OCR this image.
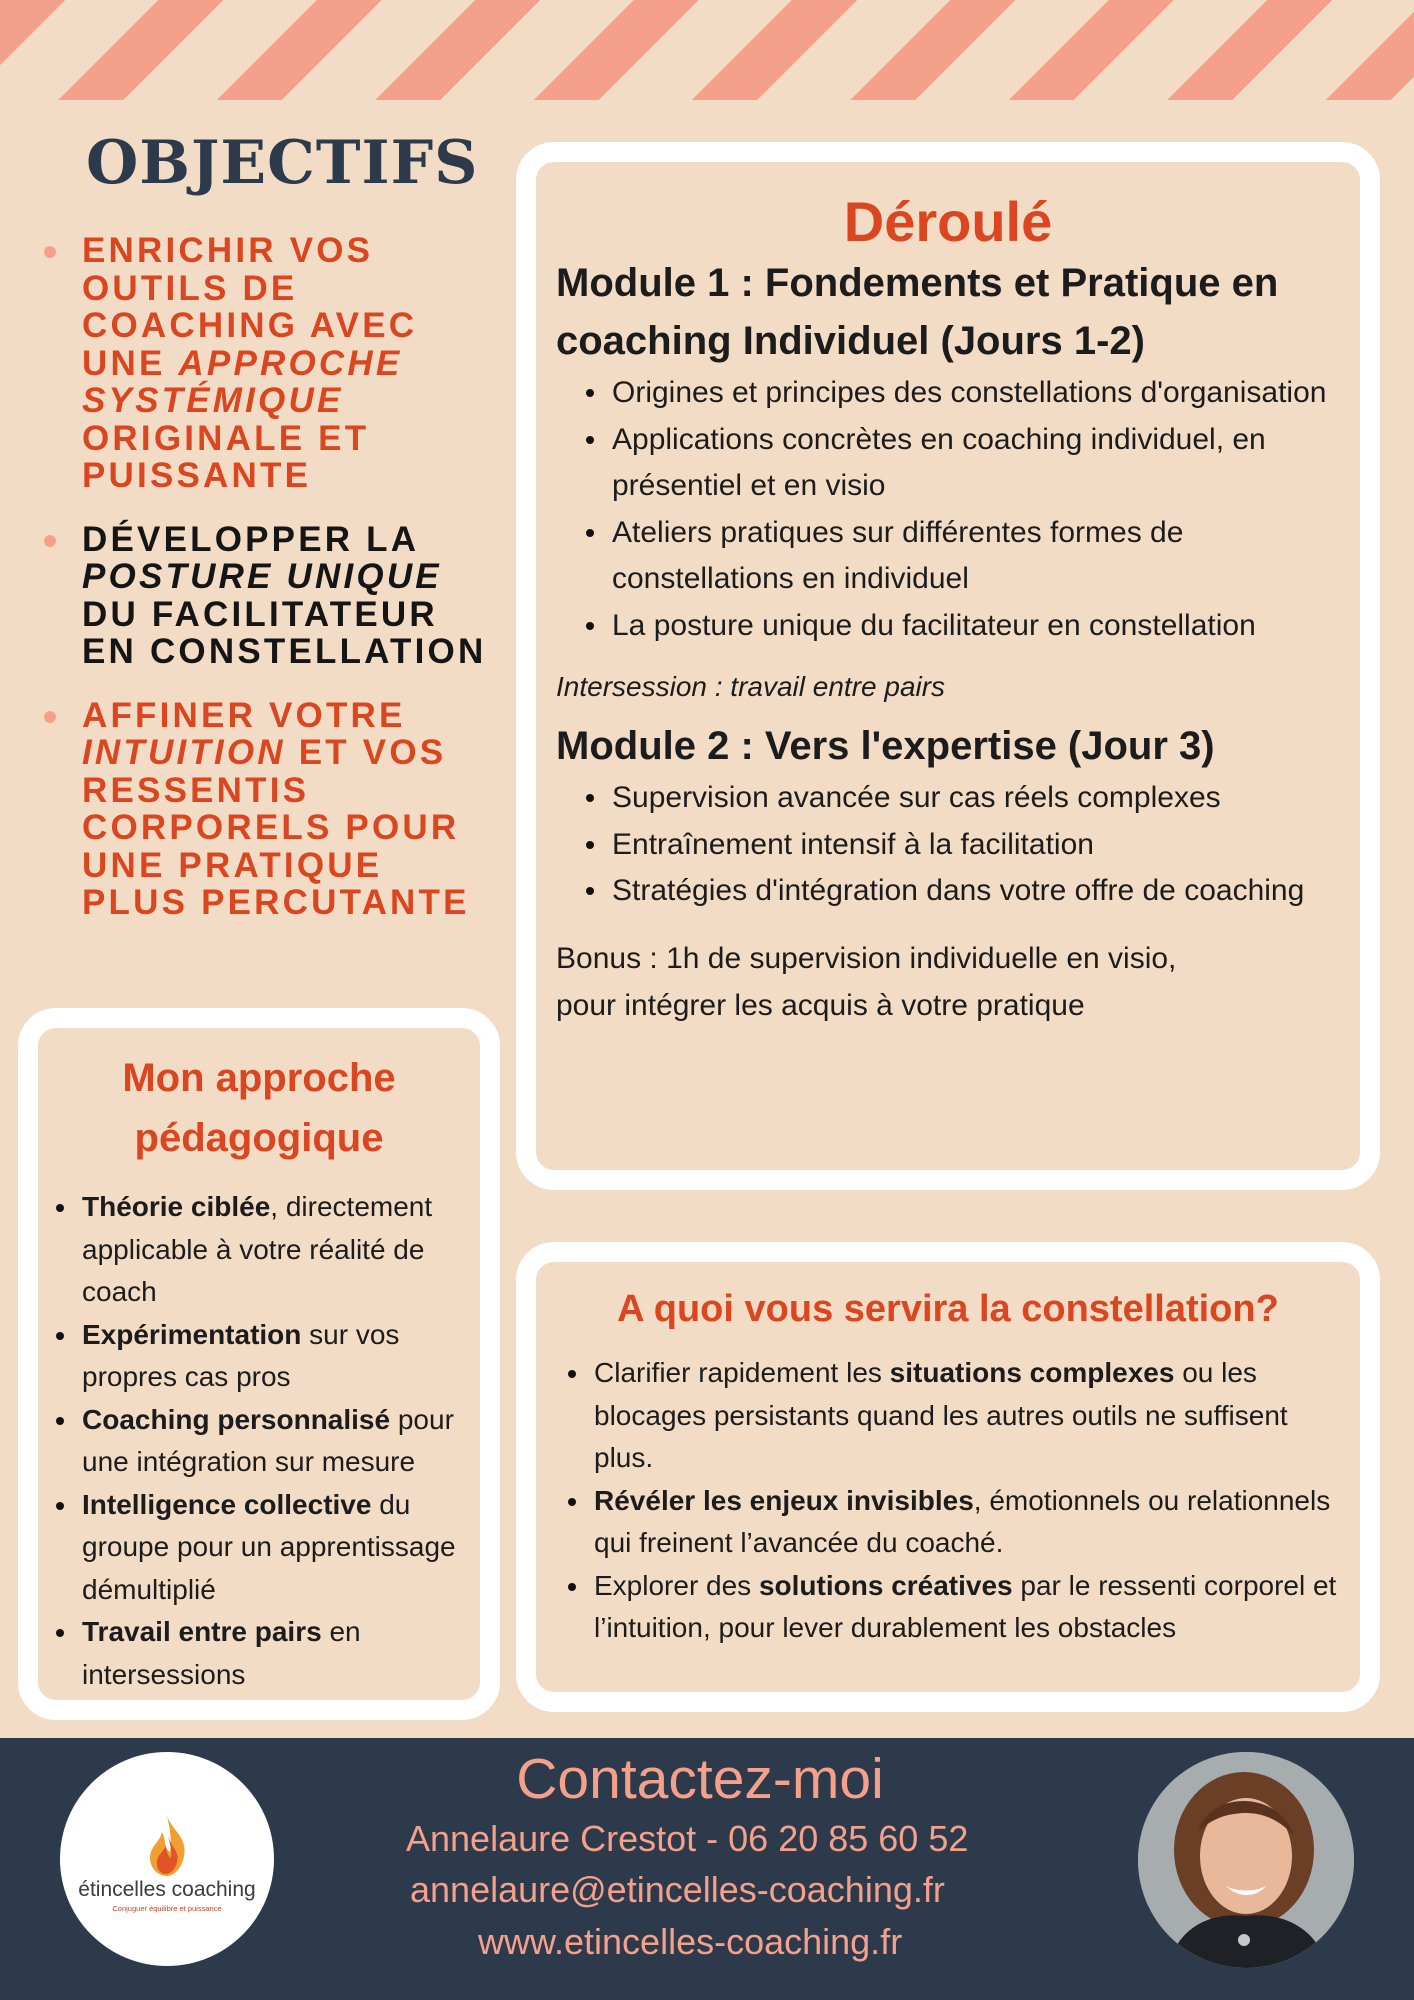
OBJECTIFS
ENRICHIR VOS OUTILS DE COACHING AVEC UNE APPROCHE SYSTÉMIQUE ORIGINALE ET PUISSANTE
DÉVELOPPER LA POSTURE UNIQUE DU FACILITATEUR EN CONSTELLATION
AFFINER VOTRE INTUITION ET VOS RESSENTIS CORPORELS POUR UNE PRATIQUE PLUS PERCUTANTE
Mon approche
pédagogique
Théorie ciblée, directement applicable à votre réalité de coach
Expérimentation sur vos propres cas pros
Coaching personnalisé pour une intégration sur mesure
Intelligence collective du groupe pour un apprentissage démultiplié
Travail entre pairs en intersessions
Déroulé
Module 1 : Fondements et Pratique en coaching Individuel (Jours 1-2)
Origines et principes des constellations d'organisation
Applications concrètes en coaching individuel, en présentiel et en visio
Ateliers pratiques sur différentes formes de constellations en individuel
La posture unique du facilitateur en constellation
Intersession : travail entre pairs
Module 2 : Vers l'expertise (Jour 3)
Supervision avancée sur cas réels complexes
Entraînement intensif à la facilitation
Stratégies d'intégration dans votre offre de coaching
Bonus : 1h de supervision individuelle en visio,
pour intégrer les acquis à votre pratique
A quoi vous servira la constellation?
Clarifier rapidement les situations complexes ou les blocages persistants quand les autres outils ne suffisent plus.
Révéler les enjeux invisibles, émotionnels ou relationnels qui freinent l’avancée du coaché.
Explorer des solutions créatives par le ressenti corporel et l’intuition, pour lever durablement les obstacles
étincelles coaching
Conjuguer équilibre et puissance
Contactez-moi
Annelaure Crestot - 06 20 85 60 52
annelaure@etincelles-coaching.fr
www.etincelles-coaching.fr
